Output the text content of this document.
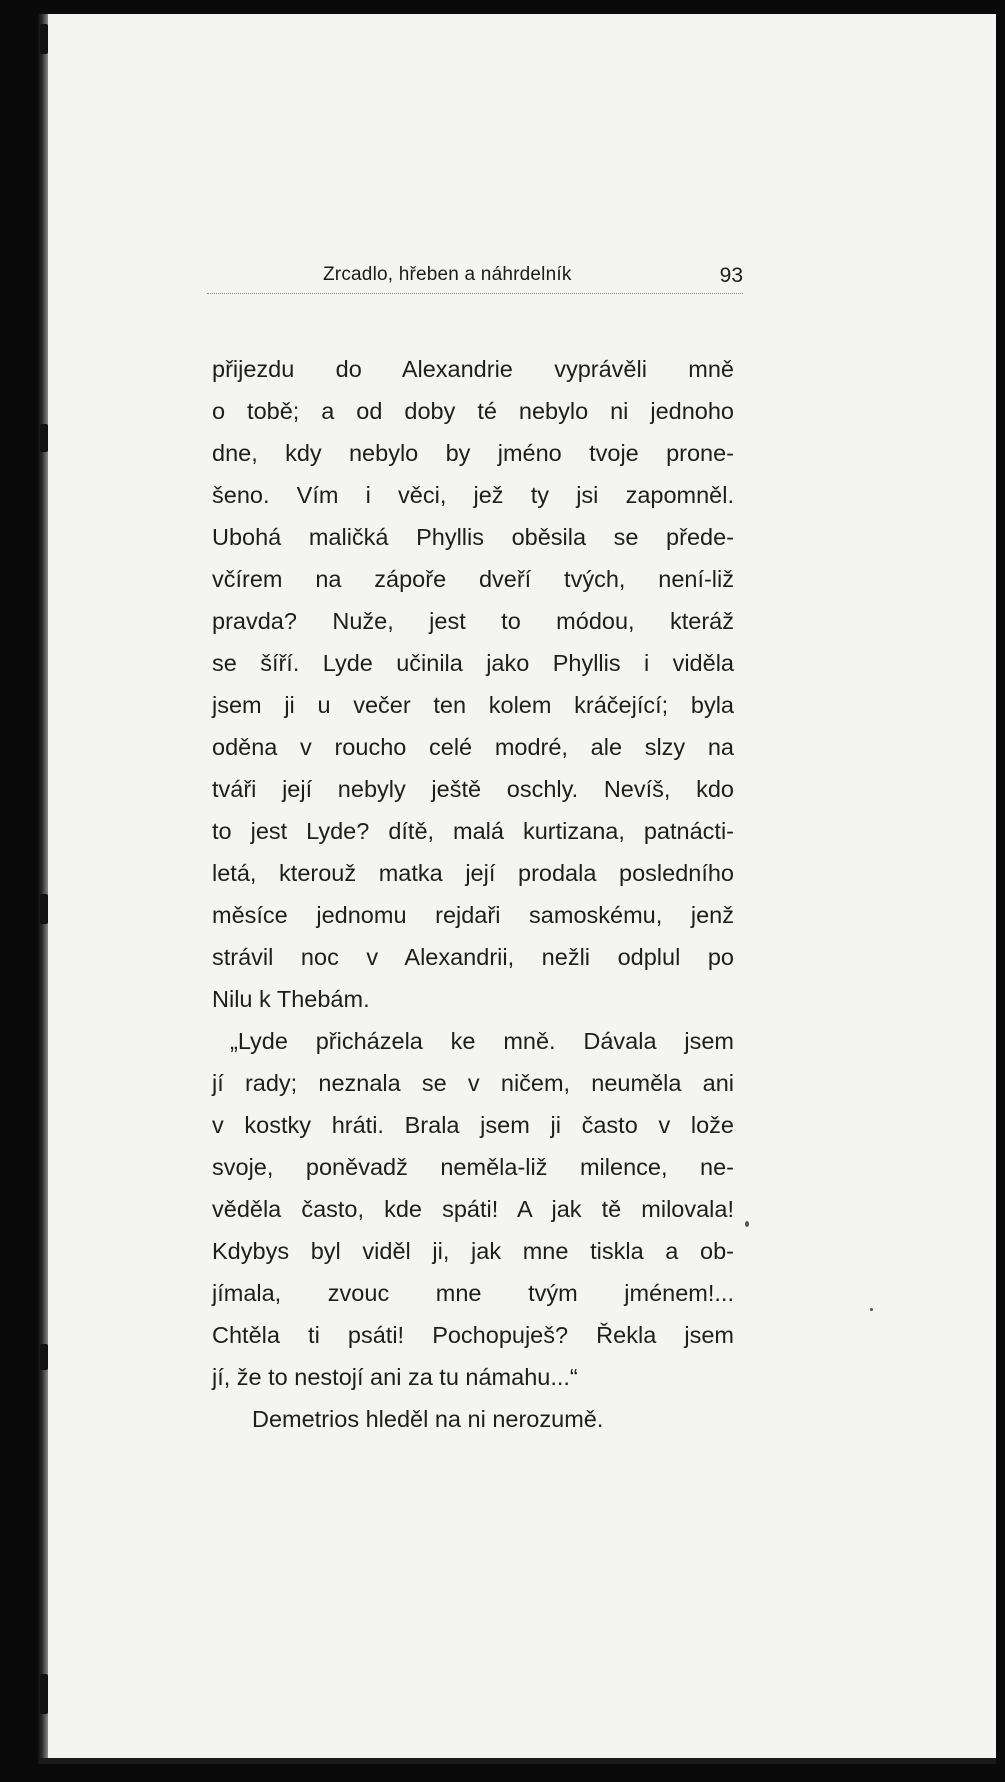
Zrcadlo, hřeben a náhrdelník	93
přijezdu do Alexandrie vyprávěli mně
o tobě; a od doby té nebylo ni jednoho
dne, kdy nebylo by jméno tvoje prone-
šeno. Vím i věci, jež ty jsi zapomněl.
Ubohá maličká Phyllis oběsila se přede-
včírem na zápoře dveří tvých, není-liž
pravda? Nuže, jest to módou, kteráž
se šíří. Lyde učinila jako Phyllis i viděla
jsem ji u večer ten kolem kráčející; byla
oděna v roucho celé modré, ale slzy na
tváři její nebyly ještě oschly. Nevíš, kdo
to jest Lyde? dítě, malá kurtizana, patnácti-
letá, kterouž matka její prodala posledního
měsíce jednomu rejdaři samoskému, jenž
strávil noc v Alexandrii, nežli odplul po
Nilu k Thebám.
„Lyde přicházela ke mně. Dávala jsem
jí rady; neznala se v ničem, neuměla ani
v kostky hráti. Brala jsem ji často v lože
svoje, poněvadž neměla-liž milence, ne-
věděla často, kde spáti! A jak tě milovala!
Kdybys byl viděl ji, jak mne tiskla a ob-
jímala, zvouc mne tvým jménem!...
Chtěla ti psáti! Pochopuješ? Řekla jsem
jí, že to nestojí ani za tu námahu...“
Demetrios hleděl na ni nerozumě.
